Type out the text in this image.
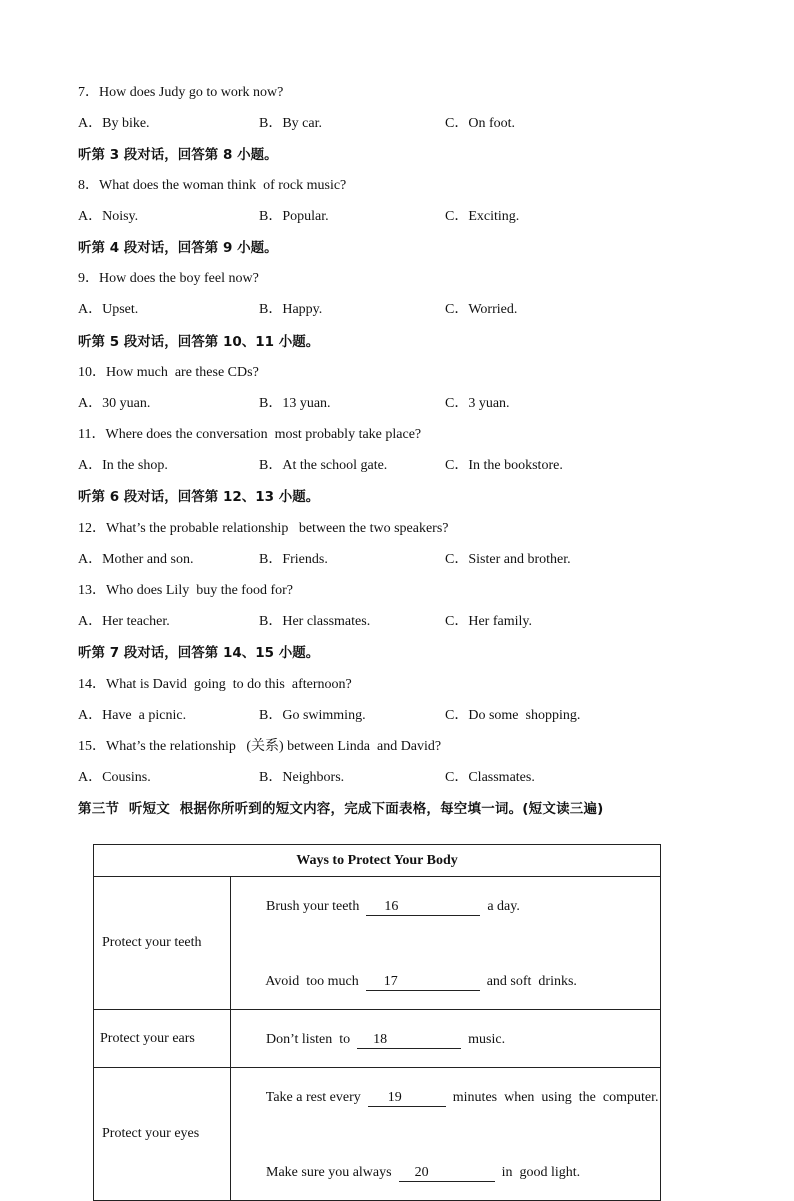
7．How does Judy go to work now?
A．By bike.	B．By car.	C．On foot.
听第 3 段对话，回答第 8 小题。
8．What does the woman think  of rock music?
A．Noisy.	B．Popular.	C．Exciting.
听第 4 段对话，回答第 9 小题。
9．How does the boy feel now?
A．Upset.	B．Happy.	C．Worried.
听第 5 段对话，回答第 10、11 小题。
10．How much  are these CDs?
A．30 yuan.	B．13 yuan.	C．3 yuan.
11．Where does the conversation  most probably take place?
A．In the shop.	B．At the school gate.	C．In the bookstore.
听第 6 段对话，回答第 12、13 小题。
12．What’s the probable relationship   between the two speakers?
A．Mother and son.	B．Friends.	C．Sister and brother.
13．Who does Lily  buy the food for?
A．Her teacher.	B．Her classmates.	C．Her family.
听第 7 段对话，回答第 14、15 小题。
14．What is David  going  to do this  afternoon?
A．Have  a picnic.	B．Go swimming.	C．Do some  shopping.
15．What’s the relationship   (关系) between Linda  and David?
A．Cousins.	B．Neighbors.	C．Classmates.
第三节  听短文  根据你所听到的短文内容，完成下面表格，每空填一词。(短文读三遍)
Ways to Protect Your Body	
Protect your teeth	Brush your teeth  16 a day.

Avoid  too much  17 and soft  drinks.

Protect your ears	Don’t listen  to  18 music.

Protect your eyes	Take a rest every  19 minutes  when  using  the  computer.

Make sure you always  20 in  good light.
